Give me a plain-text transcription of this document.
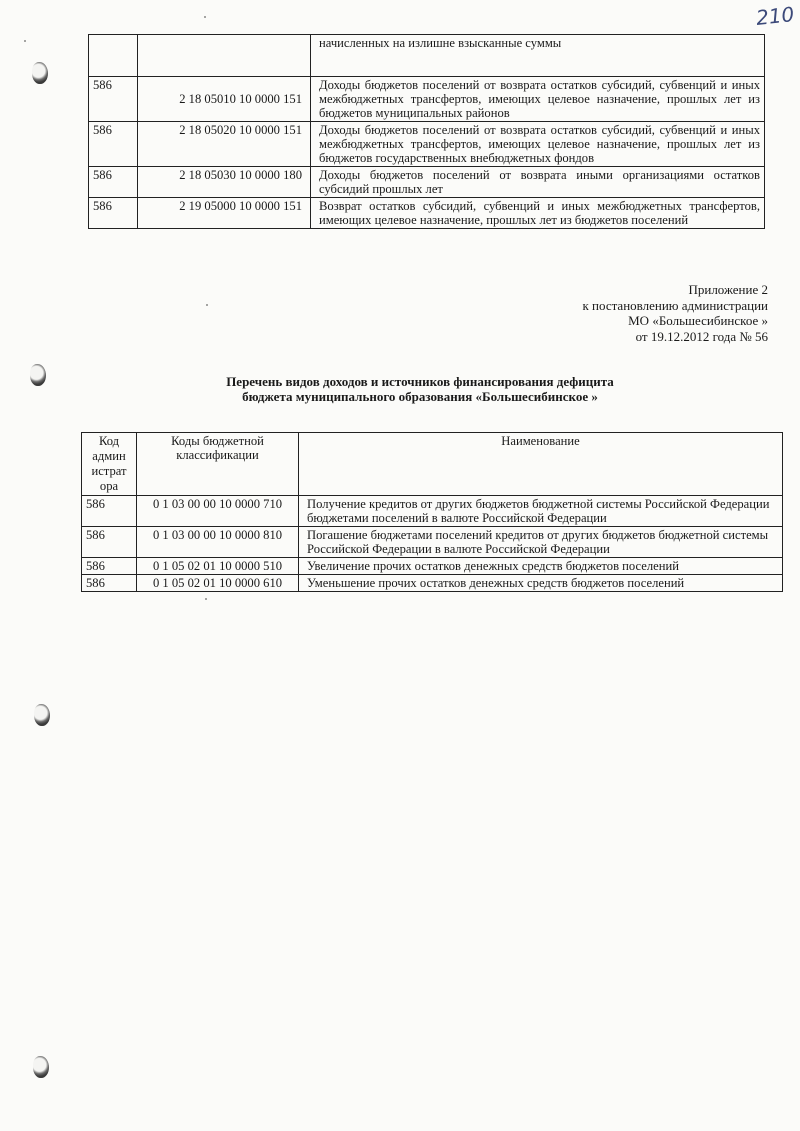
210
		начисленных на излишне взысканные суммы
586	2 18 05010 10 0000 151	Доходы бюджетов поселений от возврата остатков субсидий, субвенций и иных межбюджетных трансфертов, имеющих целевое назначение, прошлых лет из бюджетов муниципальных районов
586	2 18 05020 10 0000 151	Доходы бюджетов поселений от возврата остатков субсидий, субвенций и иных межбюджетных трансфертов, имеющих целевое назначение, прошлых лет из бюджетов государственных внебюджетных фондов
586	2 18 05030 10 0000 180	Доходы бюджетов поселений от возврата иными организациями остатков субсидий прошлых лет
586	2 19 05000 10 0000 151	Возврат остатков субсидий, субвенций и иных межбюджетных трансфертов, имеющих целевое назначение, прошлых лет из бюджетов поселений
Приложение 2
к постановлению администрации
МО «Большесибинское »
от 19.12.2012 года № 56
Перечень видов доходов и источников финансирования дефицита
бюджета муниципального образования «Большесибинское »
Код админ истрат ора	Коды бюджетной классификации	Наименование
586	0 1 03 00 00 10 0000 710	Получение кредитов от других бюджетов бюджетной системы Российской Федерации бюджетами поселений в валюте Российской Федерации
586	0 1 03 00 00 10 0000 810	Погашение бюджетами поселений кредитов от других бюджетов бюджетной системы Российской Федерации в валюте Российской Федерации
586	0 1 05 02 01 10 0000 510	Увеличение прочих остатков денежных средств бюджетов поселений
586	0 1 05 02 01 10 0000 610	Уменьшение прочих остатков денежных средств бюджетов поселений
